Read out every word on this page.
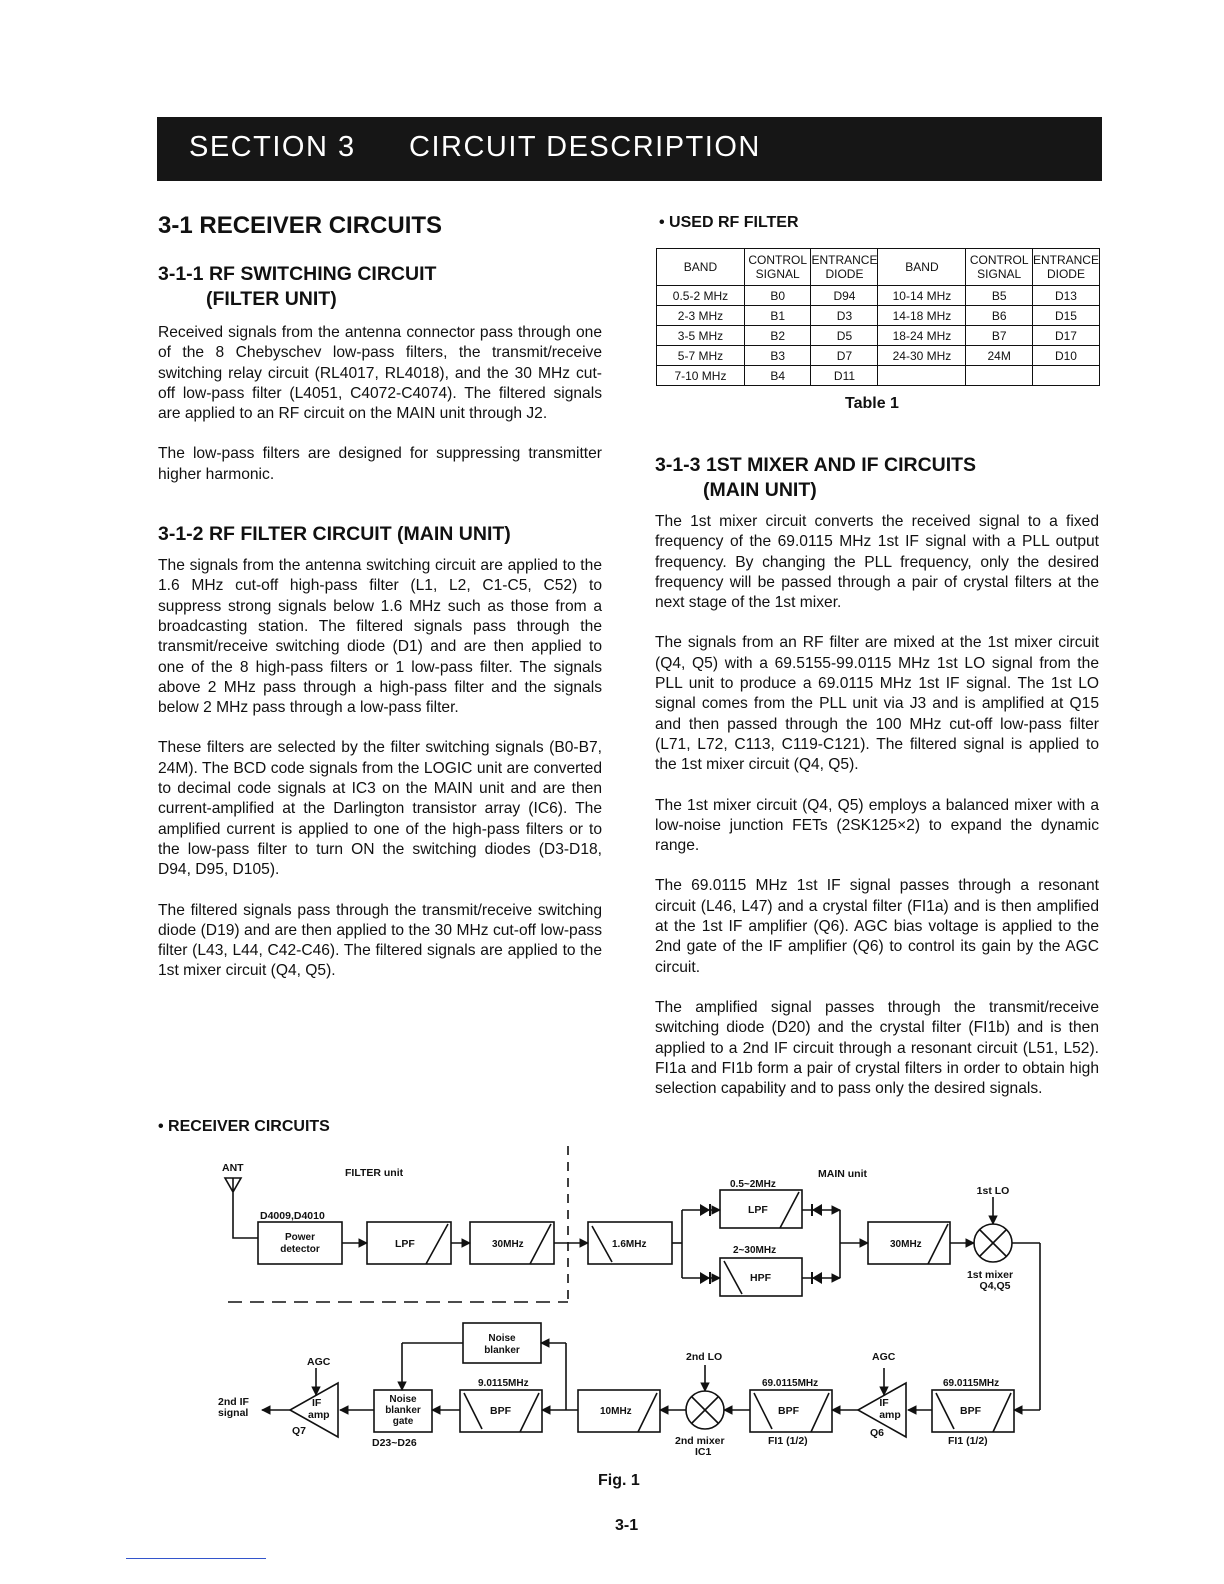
SECTION 3 CIRCUIT DESCRIPTION

3-1 RECEIVER CIRCUITS

3-1-1 RF SWITCHING CIRCUIT
(FILTER UNIT)

Received signals from the antenna connector pass through one of the 8 Chebyschev low-pass filters, the transmit/receive switching relay circuit (RL4017, RL4018), and the 30 MHz cut-off low-pass filter (L4051, C4072-C4074). The filtered signals are applied to an RF circuit on the MAIN unit through J2.

The low-pass filters are designed for suppressing transmitter higher harmonic.

3-1-2 RF FILTER CIRCUIT (MAIN UNIT)

The signals from the antenna switching circuit are applied to the 1.6 MHz cut-off high-pass filter (L1, L2, C1-C5, C52) to suppress strong signals below 1.6 MHz such as those from a broadcasting station. The filtered signals pass through the transmit/receive switching diode (D1) and are then applied to one of the 8 high-pass filters or 1 low-pass filter. The signals above 2 MHz pass through a high-pass filter and the signals below 2 MHz pass through a low-pass filter.

These filters are selected by the filter switching signals (B0-B7, 24M). The BCD code signals from the LOGIC unit are converted to decimal code signals at IC3 on the MAIN unit and are then current-amplified at the Darlington transistor array (IC6). The amplified current is applied to one of the high-pass filters or to the low-pass filter to turn ON the switching diodes (D3-D18, D94, D95, D105).

The filtered signals pass through the transmit/receive switching diode (D19) and are then applied to the 30 MHz cut-off low-pass filter (L43, L44, C42-C46). The filtered signals are applied to the 1st mixer circuit (Q4, Q5).

• RECEIVER CIRCUITS
• USED RF FILTER
BAND	CONTROL SIGNAL	ENTRANCE DIODE	BAND	CONTROL SIGNAL	ENTRANCE DIODE
0.5-2 MHz	B0	D94	10-14 MHz	B5	D13
2-3 MHz	B1	D3	14-18 MHz	B6	D15
3-5 MHz	B2	D5	18-24 MHz	B7	D17
5-7 MHz	B3	D7	24-30 MHz	24M	D10
7-10 MHz	B4	D11			
Table 1

3-1-3 1ST MIXER AND IF CIRCUITS
(MAIN UNIT)

The 1st mixer circuit converts the received signal to a fixed frequency of the 69.0115 MHz 1st IF signal with a PLL output frequency. By changing the PLL frequency, only the desired frequency will be passed through a pair of crystal filters at the next stage of the 1st mixer.

The signals from an RF filter are mixed at the 1st mixer circuit (Q4, Q5) with a 69.5155-99.0115 MHz 1st LO signal from the PLL unit to produce a 69.0115 MHz 1st IF signal. The 1st LO signal comes from the PLL unit via J3 and is amplified at Q15 and then passed through the 100 MHz cut-off low-pass filter (L71, L72, C113, C119-C121). The filtered signal is applied to the 1st mixer circuit (Q4, Q5).

The 1st mixer circuit (Q4, Q5) employs a balanced mixer with a low-noise junction FETs (2SK125×2) to expand the dynamic range.

The 69.0115 MHz 1st IF signal passes through a resonant circuit (L46, L47) and a crystal filter (FI1a) and is then amplified at the 1st IF amplifier (Q6). AGC bias voltage is applied to the 2nd gate of the IF amplifier (Q6) to control its gain by the AGC circuit.

The amplified signal passes through the transmit/receive switching diode (D20) and the crystal filter (FI1b) and is then applied to a 2nd IF circuit through a resonant circuit (L51, L52). FI1a and FI1b form a pair of crystal filters in order to obtain high selection capability and to pass only the desired signals.

ANT	FILTER unit	MAIN unit
D4009,D4010
Power
detector	LPF	30MHz	1.6MHz
0.5~2MHz
LPF
2~30MHz
HPF
30MHz
1st LO
1st mixer
Q4,Q5
Noise
blanker
AGC	2nd LO	AGC
9.0115MHz	69.0115MHz	69.0115MHz
2nd IF
signal
IF
amp
Q7
Noise
blanker
gate
D23~D26
BPF	10MHz
2nd mixer
IC1
BPF
FI1 (1/2)
IF
amp
Q6
BPF
FI1 (1/2)
Fig. 1
3-1
